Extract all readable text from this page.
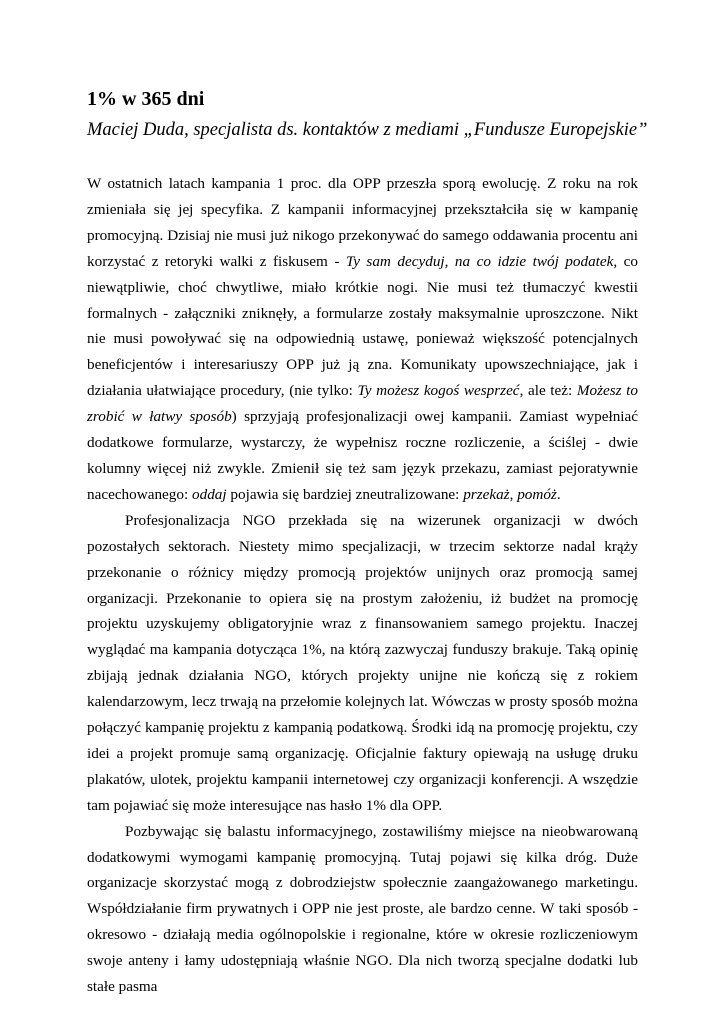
1% w 365 dni

Maciej Duda, specjalista ds. kontaktów z mediami „Fundusze Europejskie”

W ostatnich latach kampania 1 proc. dla OPP przeszła sporą ewolucję. Z roku na rok zmieniała się jej specyfika. Z kampanii informacyjnej przekształciła się w kampanię promocyjną. Dzisiaj nie musi już nikogo przekonywać do samego oddawania procentu ani korzystać z retoryki walki z fiskusem - Ty sam decyduj, na co idzie twój podatek, co niewątpliwie, choć chwytliwe, miało krótkie nogi. Nie musi też tłumaczyć kwestii formalnych - załączniki zniknęły, a formularze zostały maksymalnie uproszczone. Nikt nie musi powoływać się na odpowiednią ustawę, ponieważ większość potencjalnych beneficjentów i interesariuszy OPP już ją zna. Komunikaty upowszechniające, jak i działania ułatwiające procedury, (nie tylko: Ty możesz kogoś wesprzeć, ale też: Możesz to zrobić w łatwy sposób) sprzyjają profesjonalizacji owej kampanii. Zamiast wypełniać dodatkowe formularze, wystarczy, że wypełnisz roczne rozliczenie, a ściślej - dwie kolumny więcej niż zwykle. Zmienił się też sam język przekazu, zamiast pejoratywnie nacechowanego: oddaj pojawia się bardziej zneutralizowane: przekaż, pomóż.

Profesjonalizacja NGO przekłada się na wizerunek organizacji w dwóch pozostałych sektorach. Niestety mimo specjalizacji, w trzecim sektorze nadal krąży przekonanie o różnicy między promocją projektów unijnych oraz promocją samej organizacji. Przekonanie to opiera się na prostym założeniu, iż budżet na promocję projektu uzyskujemy obligatoryjnie wraz z finansowaniem samego projektu. Inaczej wyglądać ma kampania dotycząca 1%, na którą zazwyczaj funduszy brakuje. Taką opinię zbijają jednak działania NGO, których projekty unijne nie kończą się z rokiem kalendarzowym, lecz trwają na przełomie kolejnych lat. Wówczas w prosty sposób można połączyć kampanię projektu z kampanią podatkową. Środki idą na promocję projektu, czy idei a projekt promuje samą organizację. Oficjalnie faktury opiewają na usługę druku plakatów, ulotek, projektu kampanii internetowej czy organizacji konferencji. A wszędzie tam pojawiać się może interesujące nas hasło 1% dla OPP.

Pozbywając się balastu informacyjnego, zostawiliśmy miejsce na nieobwarowaną dodatkowymi wymogami kampanię promocyjną. Tutaj pojawi się kilka dróg. Duże organizacje skorzystać mogą z dobrodziejstw społecznie zaangażowanego marketingu. Współdziałanie firm prywatnych i OPP nie jest proste, ale bardzo cenne. W taki sposób - okresowo - działają media ogólnopolskie i regionalne, które w okresie rozliczeniowym swoje anteny i łamy udostępniają właśnie NGO. Dla nich tworzą specjalne dodatki lub stałe pasma
